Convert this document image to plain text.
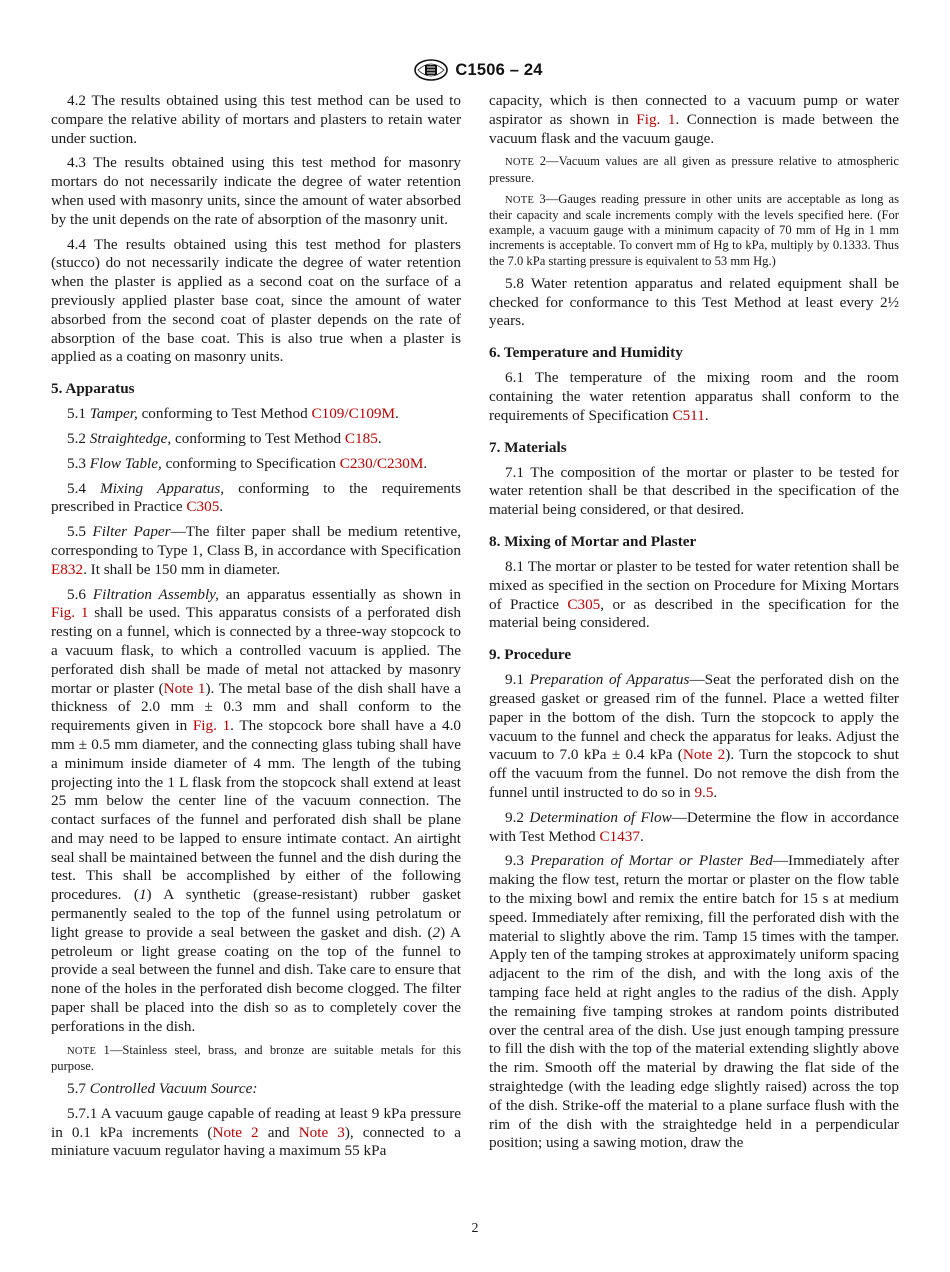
C1506 – 24

4.2 The results obtained using this test method can be used to compare the relative ability of mortars and plasters to retain water under suction.

4.3 The results obtained using this test method for masonry mortars do not necessarily indicate the degree of water retention when used with masonry units, since the amount of water absorbed by the unit depends on the rate of absorption of the masonry unit.

4.4 The results obtained using this test method for plasters (stucco) do not necessarily indicate the degree of water retention when the plaster is applied as a second coat on the surface of a previously applied plaster base coat, since the amount of water absorbed from the second coat of plaster depends on the rate of absorption of the base coat. This is also true when a plaster is applied as a coating on masonry units.

5. Apparatus

5.1 Tamper, conforming to Test Method C109/C109M.

5.2 Straightedge, conforming to Test Method C185.

5.3 Flow Table, conforming to Specification C230/C230M.

5.4 Mixing Apparatus, conforming to the requirements prescribed in Practice C305.

5.5 Filter Paper—The filter paper shall be medium retentive, corresponding to Type 1, Class B, in accordance with Specification E832. It shall be 150 mm in diameter.

5.6 Filtration Assembly, an apparatus essentially as shown in Fig. 1 shall be used. This apparatus consists of a perforated dish resting on a funnel, which is connected by a three-way stopcock to a vacuum flask, to which a controlled vacuum is applied. The perforated dish shall be made of metal not attacked by masonry mortar or plaster (Note 1). The metal base of the dish shall have a thickness of 2.0 mm ± 0.3 mm and shall conform to the requirements given in Fig. 1. The stopcock bore shall have a 4.0 mm ± 0.5 mm diameter, and the connecting glass tubing shall have a minimum inside diameter of 4 mm. The length of the tubing projecting into the 1 L flask from the stopcock shall extend at least 25 mm below the center line of the vacuum connection. The contact surfaces of the funnel and perforated dish shall be plane and may need to be lapped to ensure intimate contact. An airtight seal shall be maintained between the funnel and the dish during the test. This shall be accomplished by either of the following procedures. (1) A synthetic (grease-resistant) rubber gasket permanently sealed to the top of the funnel using petrolatum or light grease to provide a seal between the gasket and dish. (2) A petroleum or light grease coating on the top of the funnel to provide a seal between the funnel and dish. Take care to ensure that none of the holes in the perforated dish become clogged. The filter paper shall be placed into the dish so as to completely cover the perforations in the dish.

NOTE 1—Stainless steel, brass, and bronze are suitable metals for this purpose.

5.7 Controlled Vacuum Source:

5.7.1 A vacuum gauge capable of reading at least 9 kPa pressure in 0.1 kPa increments (Note 2 and Note 3), connected to a miniature vacuum regulator having a maximum 55 kPa

capacity, which is then connected to a vacuum pump or water aspirator as shown in Fig. 1. Connection is made between the vacuum flask and the vacuum gauge.

NOTE 2—Vacuum values are all given as pressure relative to atmospheric pressure.

NOTE 3—Gauges reading pressure in other units are acceptable as long as their capacity and scale increments comply with the levels specified here. (For example, a vacuum gauge with a minimum capacity of 70 mm of Hg in 1 mm increments is acceptable. To convert mm of Hg to kPa, multiply by 0.1333. Thus the 7.0 kPa starting pressure is equivalent to 53 mm Hg.)

5.8 Water retention apparatus and related equipment shall be checked for conformance to this Test Method at least every 2½ years.

6. Temperature and Humidity

6.1 The temperature of the mixing room and the room containing the water retention apparatus shall conform to the requirements of Specification C511.

7. Materials

7.1 The composition of the mortar or plaster to be tested for water retention shall be that described in the specification of the material being considered, or that desired.

8. Mixing of Mortar and Plaster

8.1 The mortar or plaster to be tested for water retention shall be mixed as specified in the section on Procedure for Mixing Mortars of Practice C305, or as described in the specification for the material being considered.

9. Procedure

9.1 Preparation of Apparatus—Seat the perforated dish on the greased gasket or greased rim of the funnel. Place a wetted filter paper in the bottom of the dish. Turn the stopcock to apply the vacuum to the funnel and check the apparatus for leaks. Adjust the vacuum to 7.0 kPa ± 0.4 kPa (Note 2). Turn the stopcock to shut off the vacuum from the funnel. Do not remove the dish from the funnel until instructed to do so in 9.5.

9.2 Determination of Flow—Determine the flow in accordance with Test Method C1437.

9.3 Preparation of Mortar or Plaster Bed—Immediately after making the flow test, return the mortar or plaster on the flow table to the mixing bowl and remix the entire batch for 15 s at medium speed. Immediately after remixing, fill the perforated dish with the material to slightly above the rim. Tamp 15 times with the tamper. Apply ten of the tamping strokes at approximately uniform spacing adjacent to the rim of the dish, and with the long axis of the tamping face held at right angles to the radius of the dish. Apply the remaining five tamping strokes at random points distributed over the central area of the dish. Use just enough tamping pressure to fill the dish with the top of the material extending slightly above the rim. Smooth off the material by drawing the flat side of the straightedge (with the leading edge slightly raised) across the top of the dish. Strike-off the material to a plane surface flush with the rim of the dish with the straightedge held in a perpendicular position; using a sawing motion, draw the

2
